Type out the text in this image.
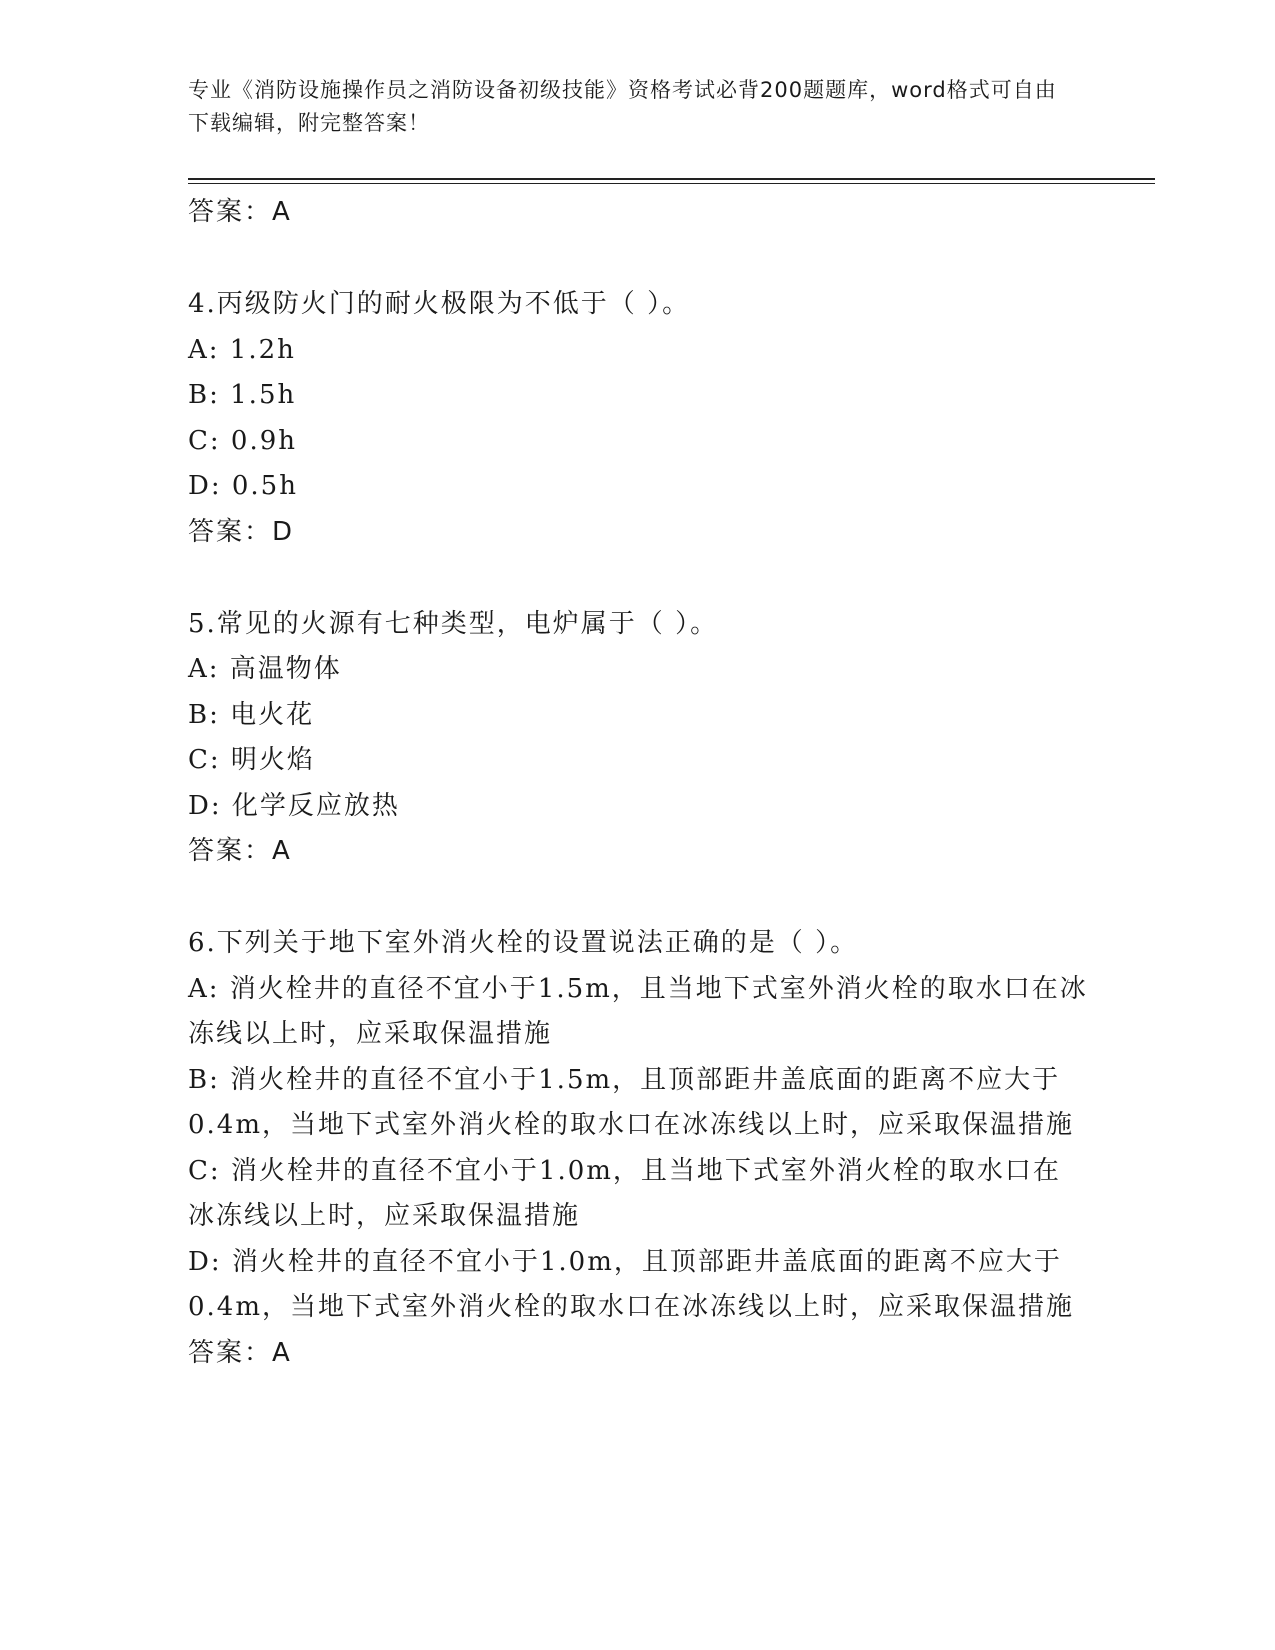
专业《消防设施操作员之消防设备初级技能》资格考试必背200题题库，word格式可自由下载编辑，附完整答案！
答案：A
4.丙级防火门的耐火极限为不低于（ ）。
A: 1.2h
B: 1.5h
C: 0.9h
D: 0.5h
答案：D
5.常见的火源有七种类型，电炉属于（ ）。
A: 高温物体
B: 电火花
C: 明火焰
D: 化学反应放热
答案：A
6.下列关于地下室外消火栓的设置说法正确的是（ ）。
A: 消火栓井的直径不宜小于1.5m，且当地下式室外消火栓的取水口在冰冻线以上时，应采取保温措施
B: 消火栓井的直径不宜小于1.5m，且顶部距井盖底面的距离不应大于0.4m，当地下式室外消火栓的取水口在冰冻线以上时，应采取保温措施
C: 消火栓井的直径不宜小于1.0m，且当地下式室外消火栓的取水口在冰冻线以上时，应采取保温措施
D: 消火栓井的直径不宜小于1.0m，且顶部距井盖底面的距离不应大于0.4m，当地下式室外消火栓的取水口在冰冻线以上时，应采取保温措施
答案：A
